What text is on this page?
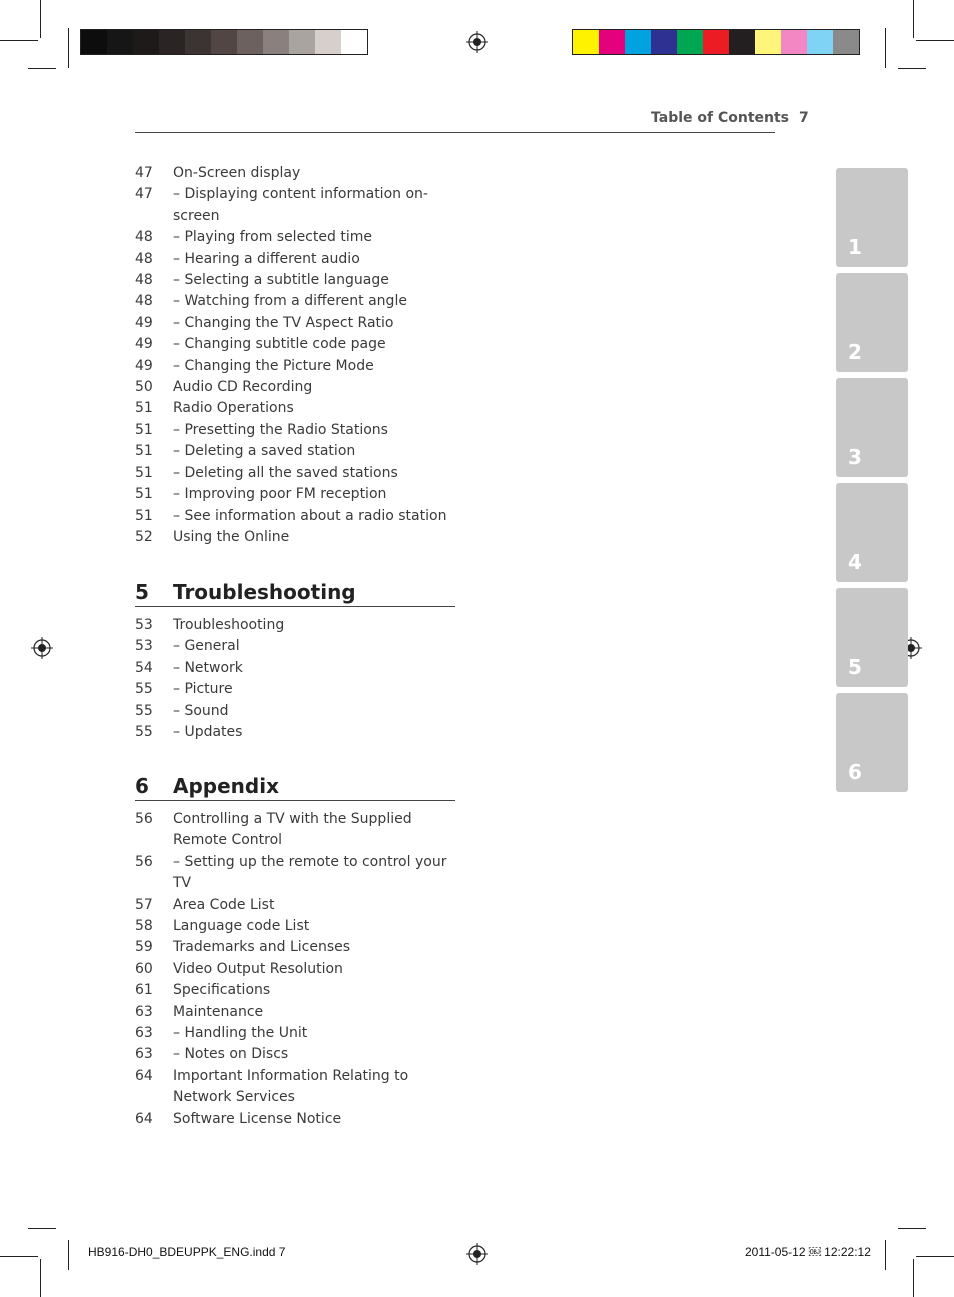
Table of Contents 7
47	On-Screen display
47	– Displaying content information on-
screen
48	– Playing from selected time
48	– Hearing a different audio
48	– Selecting a subtitle language
48	– Watching from a different angle
49	– Changing the TV Aspect Ratio
49	– Changing subtitle code page
49	– Changing the Picture Mode
50	Audio CD Recording
51	Radio Operations
51	– Presetting the Radio Stations
51	– Deleting a saved station
51	– Deleting all the saved stations
51	– Improving poor FM reception
51	– See information about a radio station
52	Using the Online
5	Troubleshooting
53	Troubleshooting
53	– General
54	– Network
55	– Picture
55	– Sound
55	– Updates
6	Appendix
56	Controlling a TV with the Supplied
Remote Control
56	– Setting up the remote to control your
TV
57	Area Code List
58	Language code List
59	Trademarks and Licenses
60	Video Output Resolution
61	Specifications
63	Maintenance
63	– Handling the Unit
63	– Notes on Discs
64	Important Information Relating to
Network Services
64	Software License Notice
1
2
3
4
5
6
HB916-DH0_BDEUPPK_ENG.indd 7	2011-05-12 ￼ 12:22:12
